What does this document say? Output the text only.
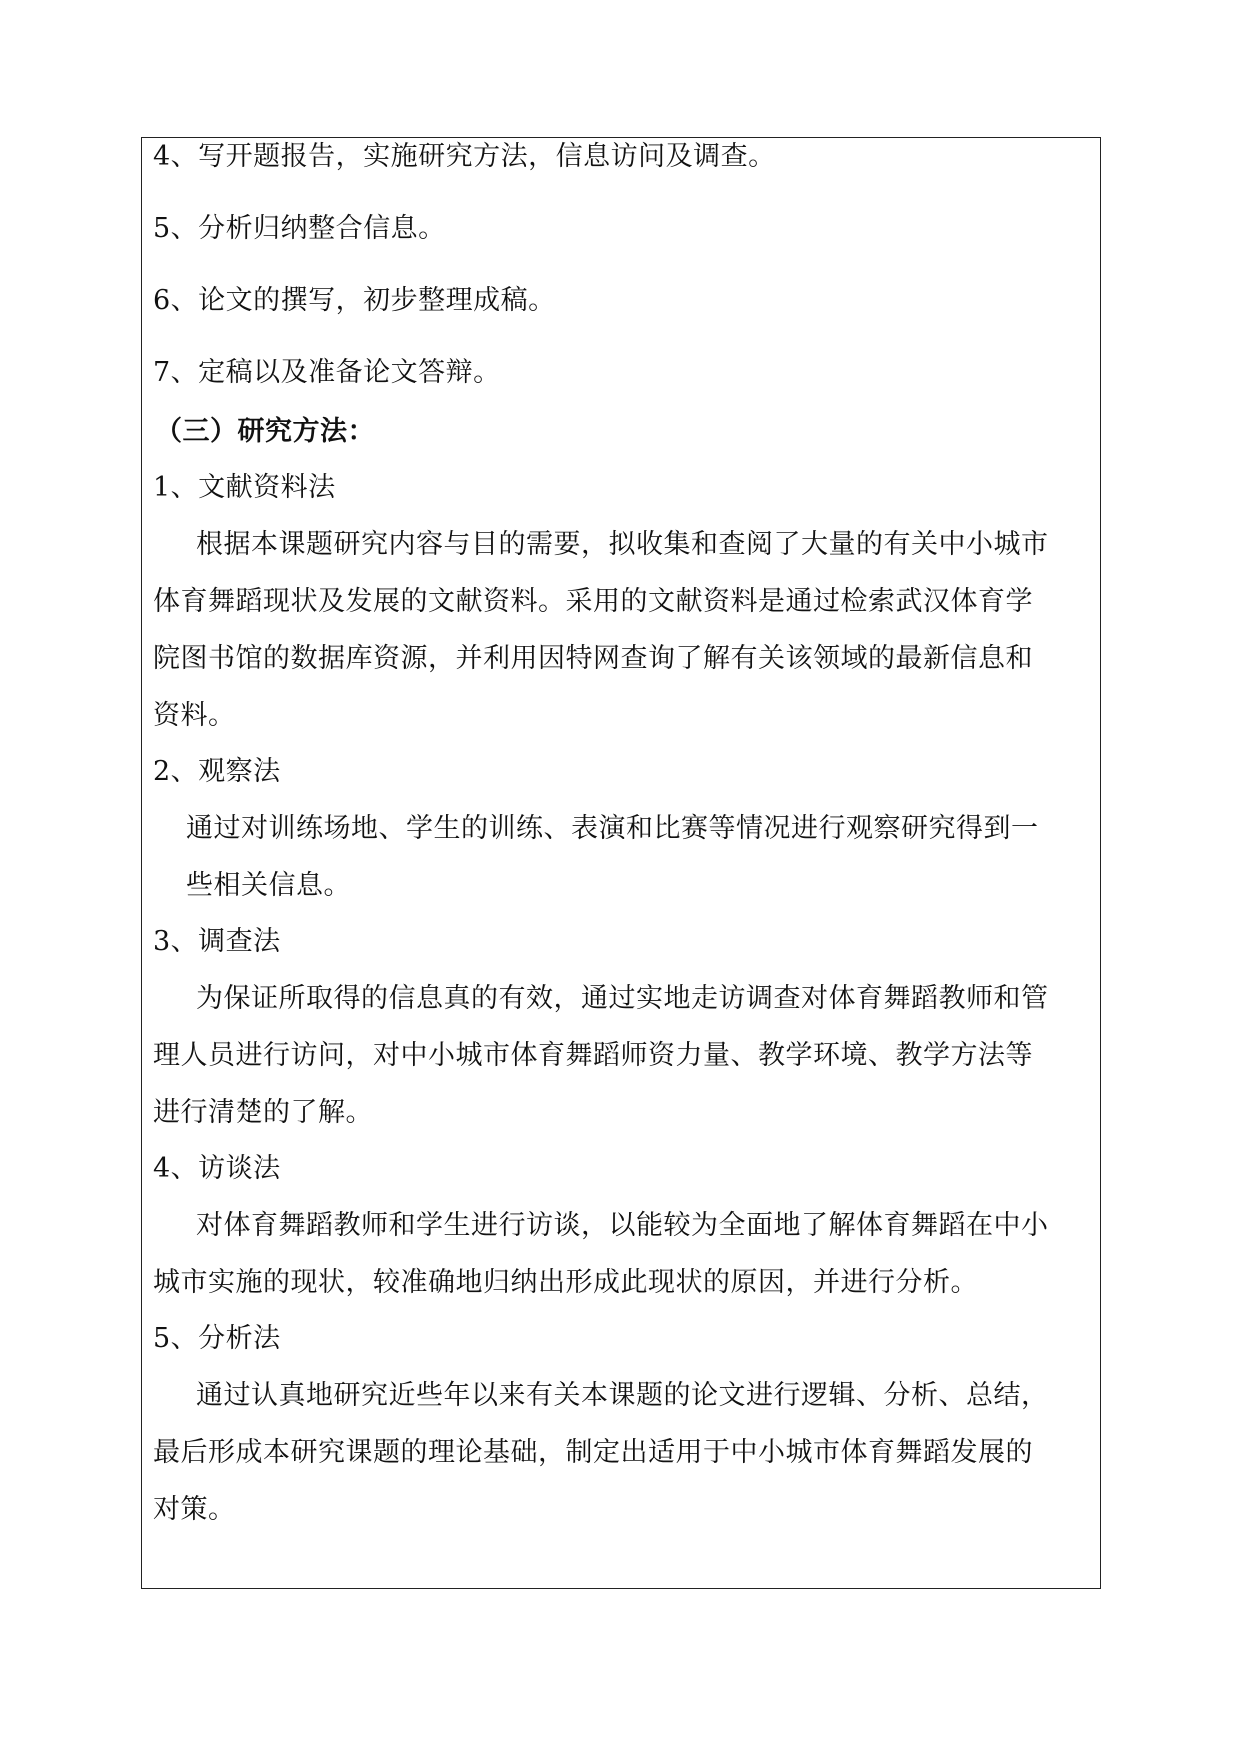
4、写开题报告，实施研究方法，信息访问及调查。
5、分析归纳整合信息。
6、论文的撰写，初步整理成稿。
7、定稿以及准备论文答辩。
（三）研究方法：
1、文献资料法
根据本课题研究内容与目的需要，拟收集和查阅了大量的有关中小城市
体育舞蹈现状及发展的文献资料。采用的文献资料是通过检索武汉体育学
院图书馆的数据库资源，并利用因特网查询了解有关该领域的最新信息和
资料。
2、观察法
通过对训练场地、学生的训练、表演和比赛等情况进行观察研究得到一
些相关信息。
3、调查法
为保证所取得的信息真的有效，通过实地走访调查对体育舞蹈教师和管
理人员进行访问，对中小城市体育舞蹈师资力量、教学环境、教学方法等
进行清楚的了解。
4、访谈法
对体育舞蹈教师和学生进行访谈，以能较为全面地了解体育舞蹈在中小
城市实施的现状，较准确地归纳出形成此现状的原因，并进行分析。
5、分析法
通过认真地研究近些年以来有关本课题的论文进行逻辑、分析、总结，
最后形成本研究课题的理论基础，制定出适用于中小城市体育舞蹈发展的
对策。
